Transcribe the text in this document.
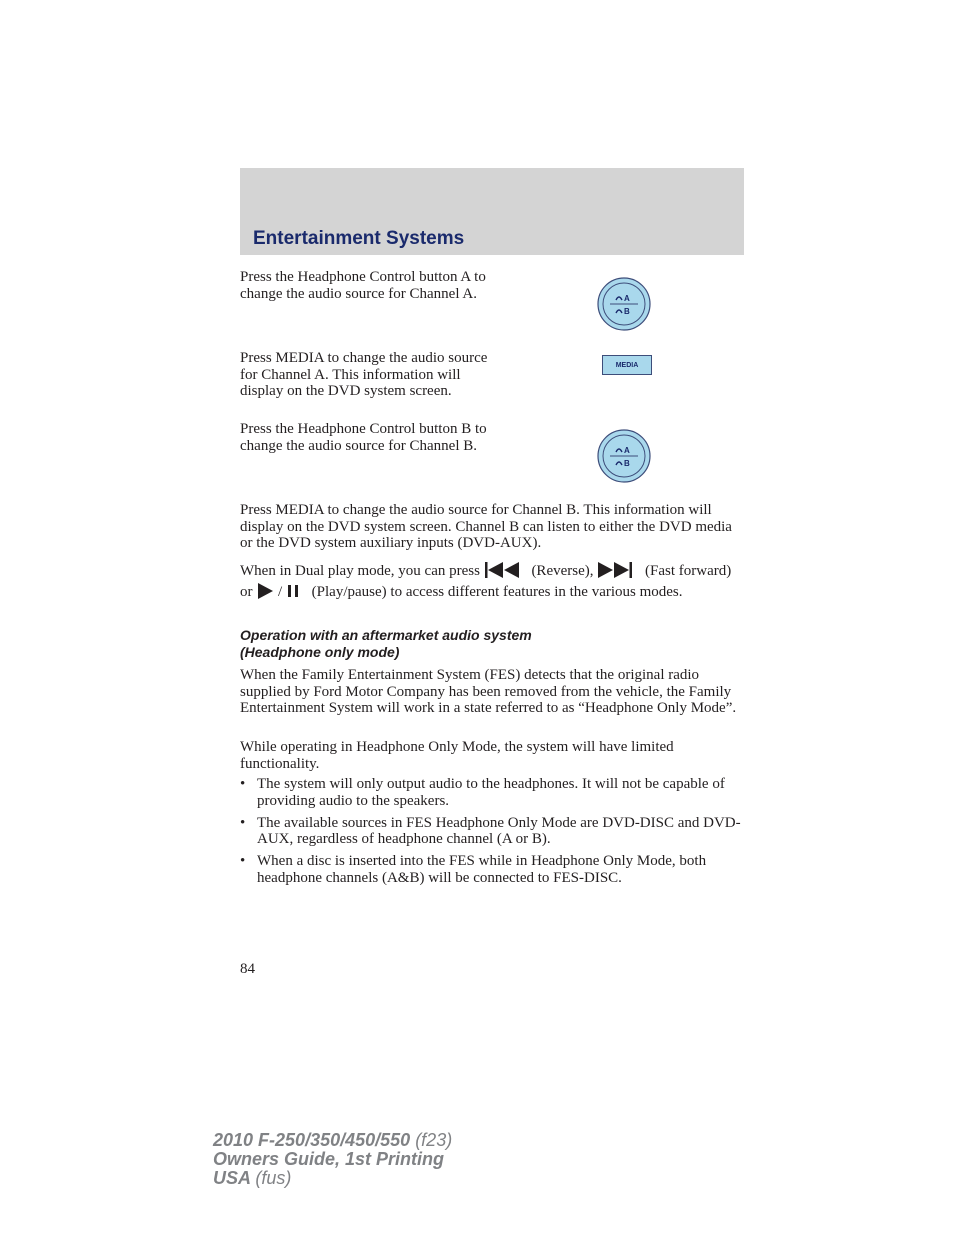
Entertainment Systems
Press the Headphone Control button A to change the audio source for Channel A.	A
B
Press MEDIA to change the audio source for Channel A. This information will display on the DVD system screen.
MEDIA
Press the Headphone Control button B to change the audio source for Channel B.	A
B
Press MEDIA to change the audio source for Channel B. This information will display on the DVD system screen. Channel B can listen to either the DVD media or the DVD system auxiliary inputs (DVD-AUX).
When in Dual play mode, you can press	(Reverse),	(Fast forward) or / (Play/pause) to access different features in the various modes.
Operation with an aftermarket audio system
(Headphone only mode)
When the Family Entertainment System (FES) detects that the original radio supplied by Ford Motor Company has been removed from the vehicle, the Family Entertainment System will work in a state referred to as “Headphone Only Mode”.
While operating in Headphone Only Mode, the system will have limited functionality.
• The system will only output audio to the headphones. It will not be capable of providing audio to the speakers.
• The available sources in FES Headphone Only Mode are DVD-DISC and DVD-AUX, regardless of headphone channel (A or B).
• When a disc is inserted into the FES while in Headphone Only Mode, both headphone channels (A&B) will be connected to FES-DISC.
84
2010 F-250/350/450/550 (f23)
Owners Guide, 1st Printing
USA (fus)
